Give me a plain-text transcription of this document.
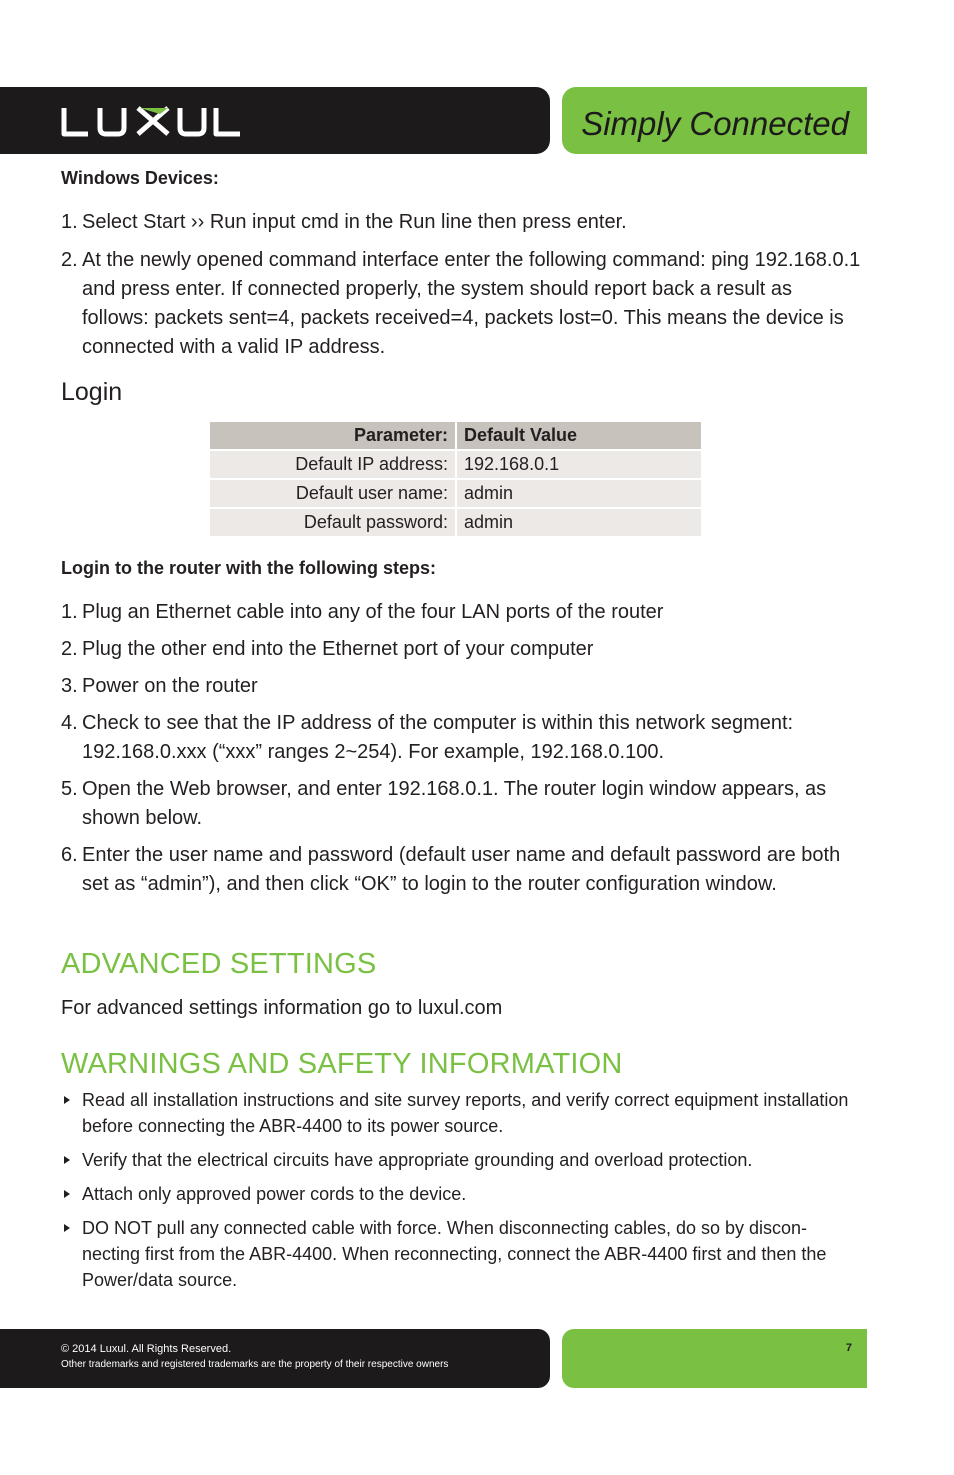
Simply Connected
Windows Devices:
1. Select Start ›› Run input cmd in the Run line then press enter.
2. At the newly opened command interface enter the following command: ping 192.168.0.1 and press enter. If connected properly, the system should report back a result as follows: packets sent=4, packets received=4, packets lost=0. This means the device is connected with a valid IP address.
Login
Parameter:	Default Value
Default IP address:	192.168.0.1
Default user name:	admin
Default password:	admin
Login to the router with the following steps:
1. Plug an Ethernet cable into any of the four LAN ports of the router
2. Plug the other end into the Ethernet port of your computer
3. Power on the router
4. Check to see that the IP address of the computer is within this network segment: 192.168.0.xxx (“xxx” ranges 2~254). For example, 192.168.0.100.
5. Open the Web browser, and enter 192.168.0.1. The router login window appears, as shown below.
6. Enter the user name and password (default user name and default password are both set as “admin”), and then click “OK” to login to the router configuration window.
ADVANCED SETTINGS
For advanced settings information go to luxul.com
WARNINGS AND SAFETY INFORMATION
Read all installation instructions and site survey reports, and verify correct equipment installation before connecting the ABR-4400 to its power source.
Verify that the electrical circuits have appropriate grounding and overload protection.
Attach only approved power cords to the device.
DO NOT pull any connected cable with force. When disconnecting cables, do so by discon-necting first from the ABR-4400. When reconnecting, connect the ABR-4400 first and then the Power/data source.
© 2014 Luxul. All Rights Reserved.
Other trademarks and registered trademarks are the property of their respective owners
7
